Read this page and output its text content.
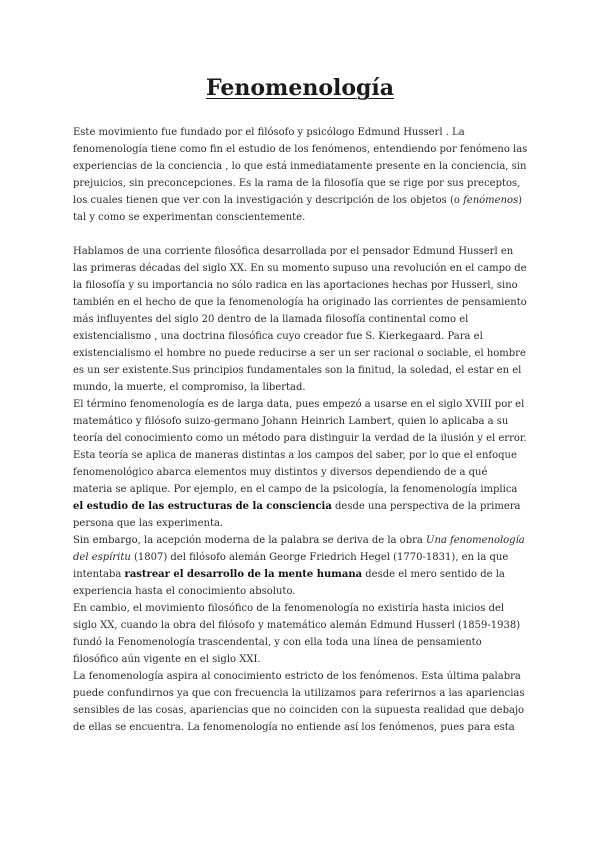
Fenomenología

Este movimiento fue fundado por el filósofo y psicólogo Edmund Husserl . La fenomenología tiene como fin el estudio de los fenómenos, entendiendo por fenómeno las experiencias de la conciencia , lo que está inmediatamente presente en la conciencia, sin prejuicios, sin preconcepciones. Es la rama de la filosofía que se rige por sus preceptos, los cuales tienen que ver con la investigación y descripción de los objetos (o fenómenos) tal y como se experimentan conscientemente.

Hablamos de una corriente filosófica desarrollada por el pensador Edmund Husserl en las primeras décadas del siglo XX. En su momento supuso una revolución en el campo de la filosofía y su importancia no sólo radica en las aportaciones hechas por Husserl, sino también en el hecho de que la fenomenología ha originado las corrientes de pensamiento más influyentes del siglo 20 dentro de la llamada filosofía continental como el existencialismo , una doctrina filosófica cuyo creador fue S. Kierkegaard. Para el existencialismo el hombre no puede reducirse a ser un ser racional o sociable, el hombre es un ser existente.Sus principios fundamentales son la finitud, la soledad, el estar en el mundo, la muerte, el compromiso, la libertad.

El término fenomenología es de larga data, pues empezó a usarse en el siglo XVIII por el matemático y filósofo suizo-germano Johann Heinrich Lambert, quien lo aplicaba a su teoría del conocimiento como un método para distinguir la verdad de la ilusión y el error. Esta teoría se aplica de maneras distintas a los campos del saber, por lo que el enfoque fenomenológico abarca elementos muy distintos y diversos dependiendo de a qué materia se aplique. Por ejemplo, en el campo de la psicología, la fenomenología implica el estudio de las estructuras de la consciencia desde una perspectiva de la primera persona que las experimenta.

Sin embargo, la acepción moderna de la palabra se deriva de la obra Una fenomenología del espíritu (1807) del filósofo alemán George Friedrich Hegel (1770-1831), en la que intentaba rastrear el desarrollo de la mente humana desde el mero sentido de la experiencia hasta el conocimiento absoluto.

En cambio, el movimiento filosófico de la fenomenología no existiría hasta inicios del siglo XX, cuando la obra del filósofo y matemático alemán Edmund Husserl (1859-1938) fundó la Fenomenología trascendental, y con ella toda una línea de pensamiento filosófico aún vigente en el siglo XXI.

La fenomenología aspira al conocimiento estricto de los fenómenos. Esta última palabra puede confundirnos ya que con frecuencia la utilizamos para referirnos a las apariencias sensibles de las cosas, apariencias que no coinciden con la supuesta realidad que debajo de ellas se encuentra. La fenomenología no entiende así los fenómenos, pues para esta
